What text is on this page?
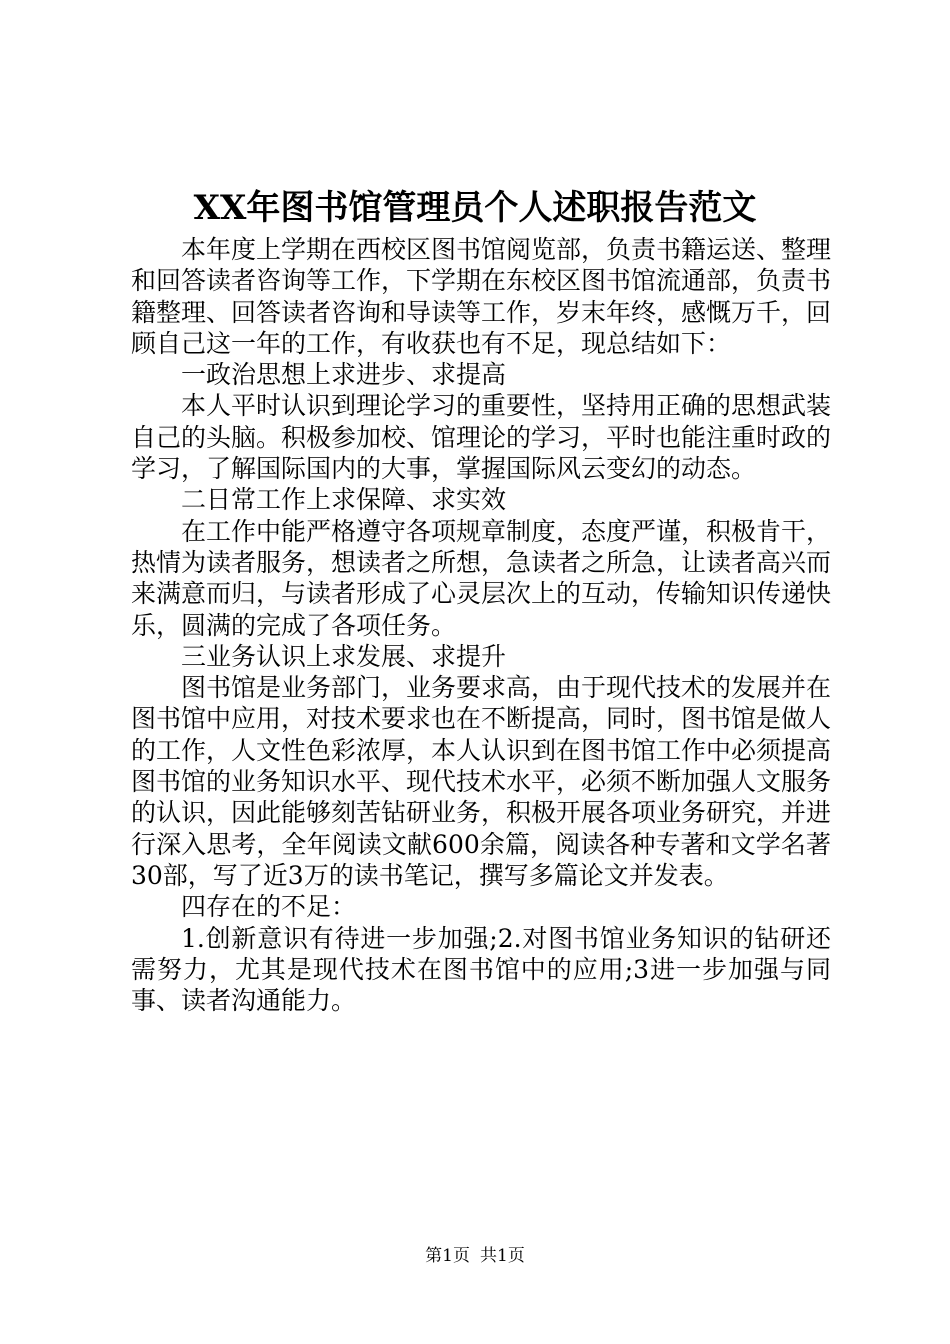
XX年图书馆管理员个人述职报告范文

本年度上学期在西校区图书馆阅览部，负责书籍运送、整理和回答读者咨询等工作，下学期在东校区图书馆流通部，负责书籍整理、回答读者咨询和导读等工作，岁末年终，感慨万千，回顾自己这一年的工作，有收获也有不足，现总结如下：

一政治思想上求进步、求提高

本人平时认识到理论学习的重要性，坚持用正确的思想武装自己的头脑。积极参加校、馆理论的学习，平时也能注重时政的学习，了解国际国内的大事，掌握国际风云变幻的动态。

二日常工作上求保障、求实效

在工作中能严格遵守各项规章制度，态度严谨，积极肯干，热情为读者服务，想读者之所想，急读者之所急，让读者高兴而来满意而归，与读者形成了心灵层次上的互动，传输知识传递快乐，圆满的完成了各项任务。

三业务认识上求发展、求提升

图书馆是业务部门，业务要求高，由于现代技术的发展并在图书馆中应用，对技术要求也在不断提高，同时，图书馆是做人的工作，人文性色彩浓厚，本人认识到在图书馆工作中必须提高图书馆的业务知识水平、现代技术水平，必须不断加强人文服务的认识，因此能够刻苦钻研业务，积极开展各项业务研究，并进行深入思考，全年阅读文献600余篇，阅读各种专著和文学名著30部，写了近3万的读书笔记，撰写多篇论文并发表。

四存在的不足：

1.创新意识有待进一步加强;2.对图书馆业务知识的钻研还需努力，尤其是现代技术在图书馆中的应用;3进一步加强与同事、读者沟通能力。

第1页 共1页
